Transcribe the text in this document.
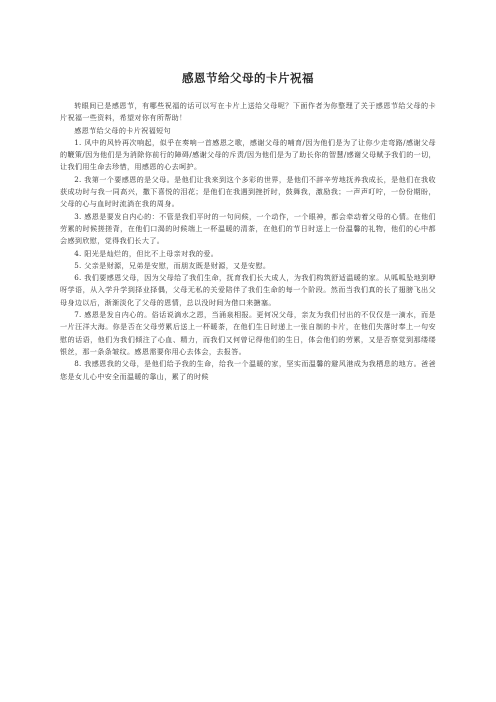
感恩节给父母的卡片祝福

转眼间已是感恩节，有哪些祝福的话可以写在卡片上送给父母呢？下面作者为你整理了关于感恩节给父母的卡片祝福一些资料，希望对你有所帮助！

感恩节给父母的卡片祝福短句

1. 风中的风铃再次响起，似乎在奏响一首感恩之歌，感谢父母的哺育/因为他们是为了让你少走弯路/感谢父母的鞭策/因为他们是为消除你前行的障碍/感谢父母的斥责/因为他们是为了助长你的智慧/感谢父母赋予我们的一切，让我们用生命去珍惜，用感恩的心去呵护。

2. 我第一个要感恩的是父母。是他们让我来到这个多彩的世界，是他们不辞辛劳地抚养我成长，是他们在我收获成功时与我一同高兴，撒下喜悦的泪花；是他们在我遇到挫折时，鼓舞我，激励我；一声声叮咛，一份份期盼，父母的心与血时时流淌在我的周身。

3. 感恩是要发自内心的：不管是我们平时的一句问候，一个动作，一个眼神，都会牵动着父母的心情。在他们劳累的时候搓搓背，在他们口渴的时候端上一杯温暖的清茶，在他们的节日时送上一份温馨的礼物，他们的心中都会感到欣慰，觉得我们长大了。

4. 阳光是灿烂的，但比不上母亲对我的爱。

5. 父亲是财源，兄弟是安慰，而朋友既是财源，又是安慰。

6. 我们要感恩父母，因为父母给了我们生命，抚育我们长大成人，为我们构筑舒适温暖的家。从呱呱坠地到咿呀学语，从入学升学到择业择偶，父母无私的关爱陪伴了我们生命的每一个阶段。然而当我们真的长了翅膀飞出父母身边以后，渐渐淡化了父母的恩情，总以没时间为借口来搪塞。

7. 感恩是发自内心的。俗话说滴水之恩，当涌泉相报。更何况父母，亲友为我们付出的不仅仅是一滴水，而是一片汪洋大海。你是否在父母劳累后送上一杯暖茶，在他们生日时递上一张自制的卡片，在他们失落时奉上一句安慰的话语，他们为我们倾注了心血、精力，而我们又何曾记得他们的生日，体会他们的劳累，又是否察觉到那缕缕银丝，那一条条皱纹。感恩需要你用心去体会，去报答。

8. 我感恩我的父母，是他们给予我的生命，给我一个温暖的家，坚实而温馨的避风港成为我栖息的地方。爸爸您是女儿心中安全而温暖的靠山，累了的时候
